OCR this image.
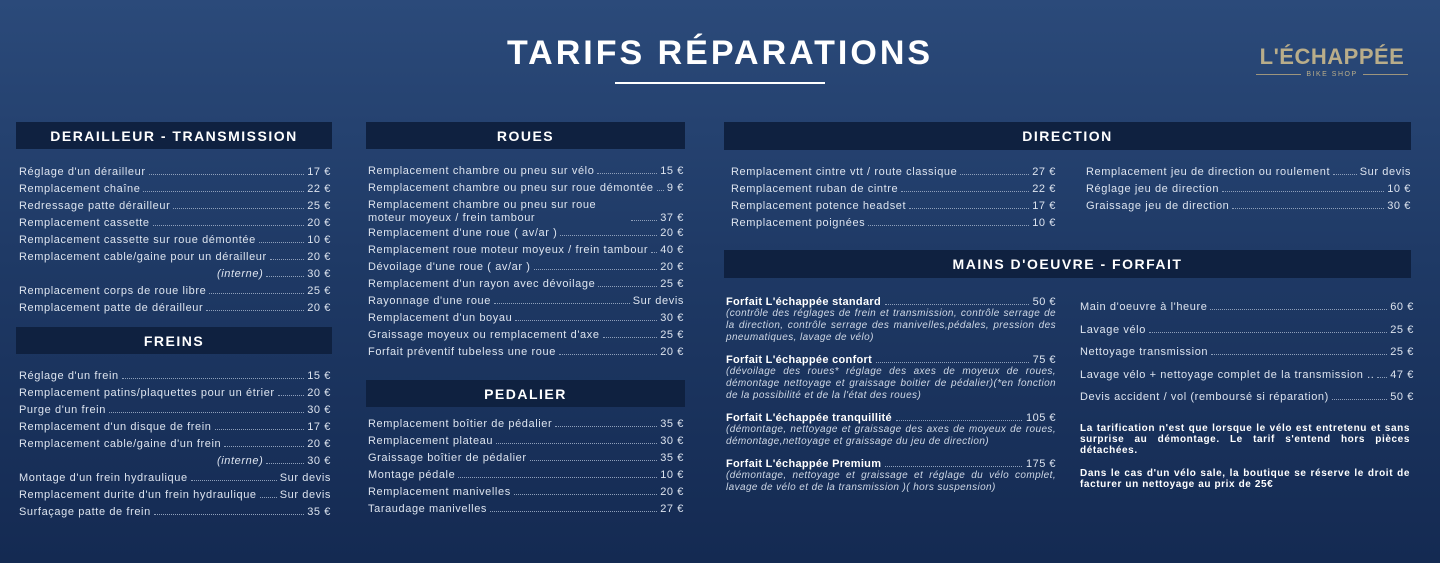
TARIFS RÉPARATIONS	L'ÉCHAPPÉE
BIKE SHOP
DERAILLEUR - TRANSMISSION
FREINS
ROUES
PEDALIER
DIRECTION
MAINS D'OEUVRE - FORFAIT
Réglage d'un dérailleur	17 €
Remplacement chaîne	22 €
Redressage patte dérailleur	25 €
Remplacement cassette	20 €
Remplacement cassette sur roue démontée	10 €
Remplacement cable/gaine pour un dérailleur	20 €
(interne)	30 €
Remplacement corps de roue libre	25 €
Remplacement patte de dérailleur	20 €
Réglage d'un frein	15 €
Remplacement patins/plaquettes pour un étrier	20 €
Purge d'un frein	30 €
Remplacement d'un disque de frein	17 €
Remplacement cable/gaine d'un frein	20 €
(interne)	30 €
Montage d'un frein hydraulique	Sur devis
Remplacement durite d'un frein hydraulique Sur devis
Surfaçage patte de frein	35 €
Remplacement chambre ou pneu sur vélo	15 €
Remplacement chambre ou pneu sur roue démontée 9 €
Remplacement chambre ou pneu sur roue moteur moyeux / frein tambour	37 €
Remplacement d'une roue ( av/ar )	20 €
Remplacement roue moteur moyeux / frein tambour 40 €
Dévoilage d'une roue ( av/ar )	20 €
Remplacement d'un rayon avec dévoilage	25 €
Rayonnage d'une roue	Sur devis
Remplacement d'un boyau	30 €
Graissage moyeux ou remplacement d'axe	25 €
Forfait préventif tubeless une roue	20 €
Remplacement boîtier de pédalier	35 €
Remplacement plateau	30 €
Graissage boîtier de pédalier	35 €
Montage pédale	10 €
Remplacement manivelles	20 €
Taraudage manivelles	27 €
Remplacement cintre vtt / route classique	27 €
Remplacement ruban de cintre	22 €
Remplacement potence headset	17 €
Remplacement poignées	10 €
Remplacement jeu de direction ou roulement	Sur devis
Réglage jeu de direction	10 €
Graissage jeu de direction	30 €
Main d'oeuvre à l'heure	60 €
Lavage vélo	25 €
Nettoyage transmission	25 €
Lavage vélo + nettoyage complet de la transmission .. 47 €
Devis accident / vol (remboursé si réparation)	50 €
Forfait L'échappée standard	50 €
(contrôle des réglages de frein et transmission, contrôle serrage de la direction, contrôle serrage des manivelles,pédales, pression des pneumatiques, lavage de vélo)
Forfait L'échappée confort	75 €
(dévoilage des roues* réglage des axes de moyeux de roues, démontage nettoyage et graissage boitier de pédalier)(*en fonction de la possibilité et de la l'état des roues)
Forfait L'échappée tranquillité	105 €
(démontage, nettoyage et graissage des axes de moyeux de roues, démontage,nettoyage et graissage du jeu de direction)
Forfait L'échappée Premium	175 €
(démontage, nettoyage et graissage et réglage du vélo complet, lavage de vélo et de la transmission )( hors suspension)
La tarification n'est que lorsque le vélo est entretenu et sans surprise au démontage. Le tarif s'entend hors pièces détachées.
Dans le cas d'un vélo sale, la boutique se réserve le droit de facturer un nettoyage au prix de 25€
